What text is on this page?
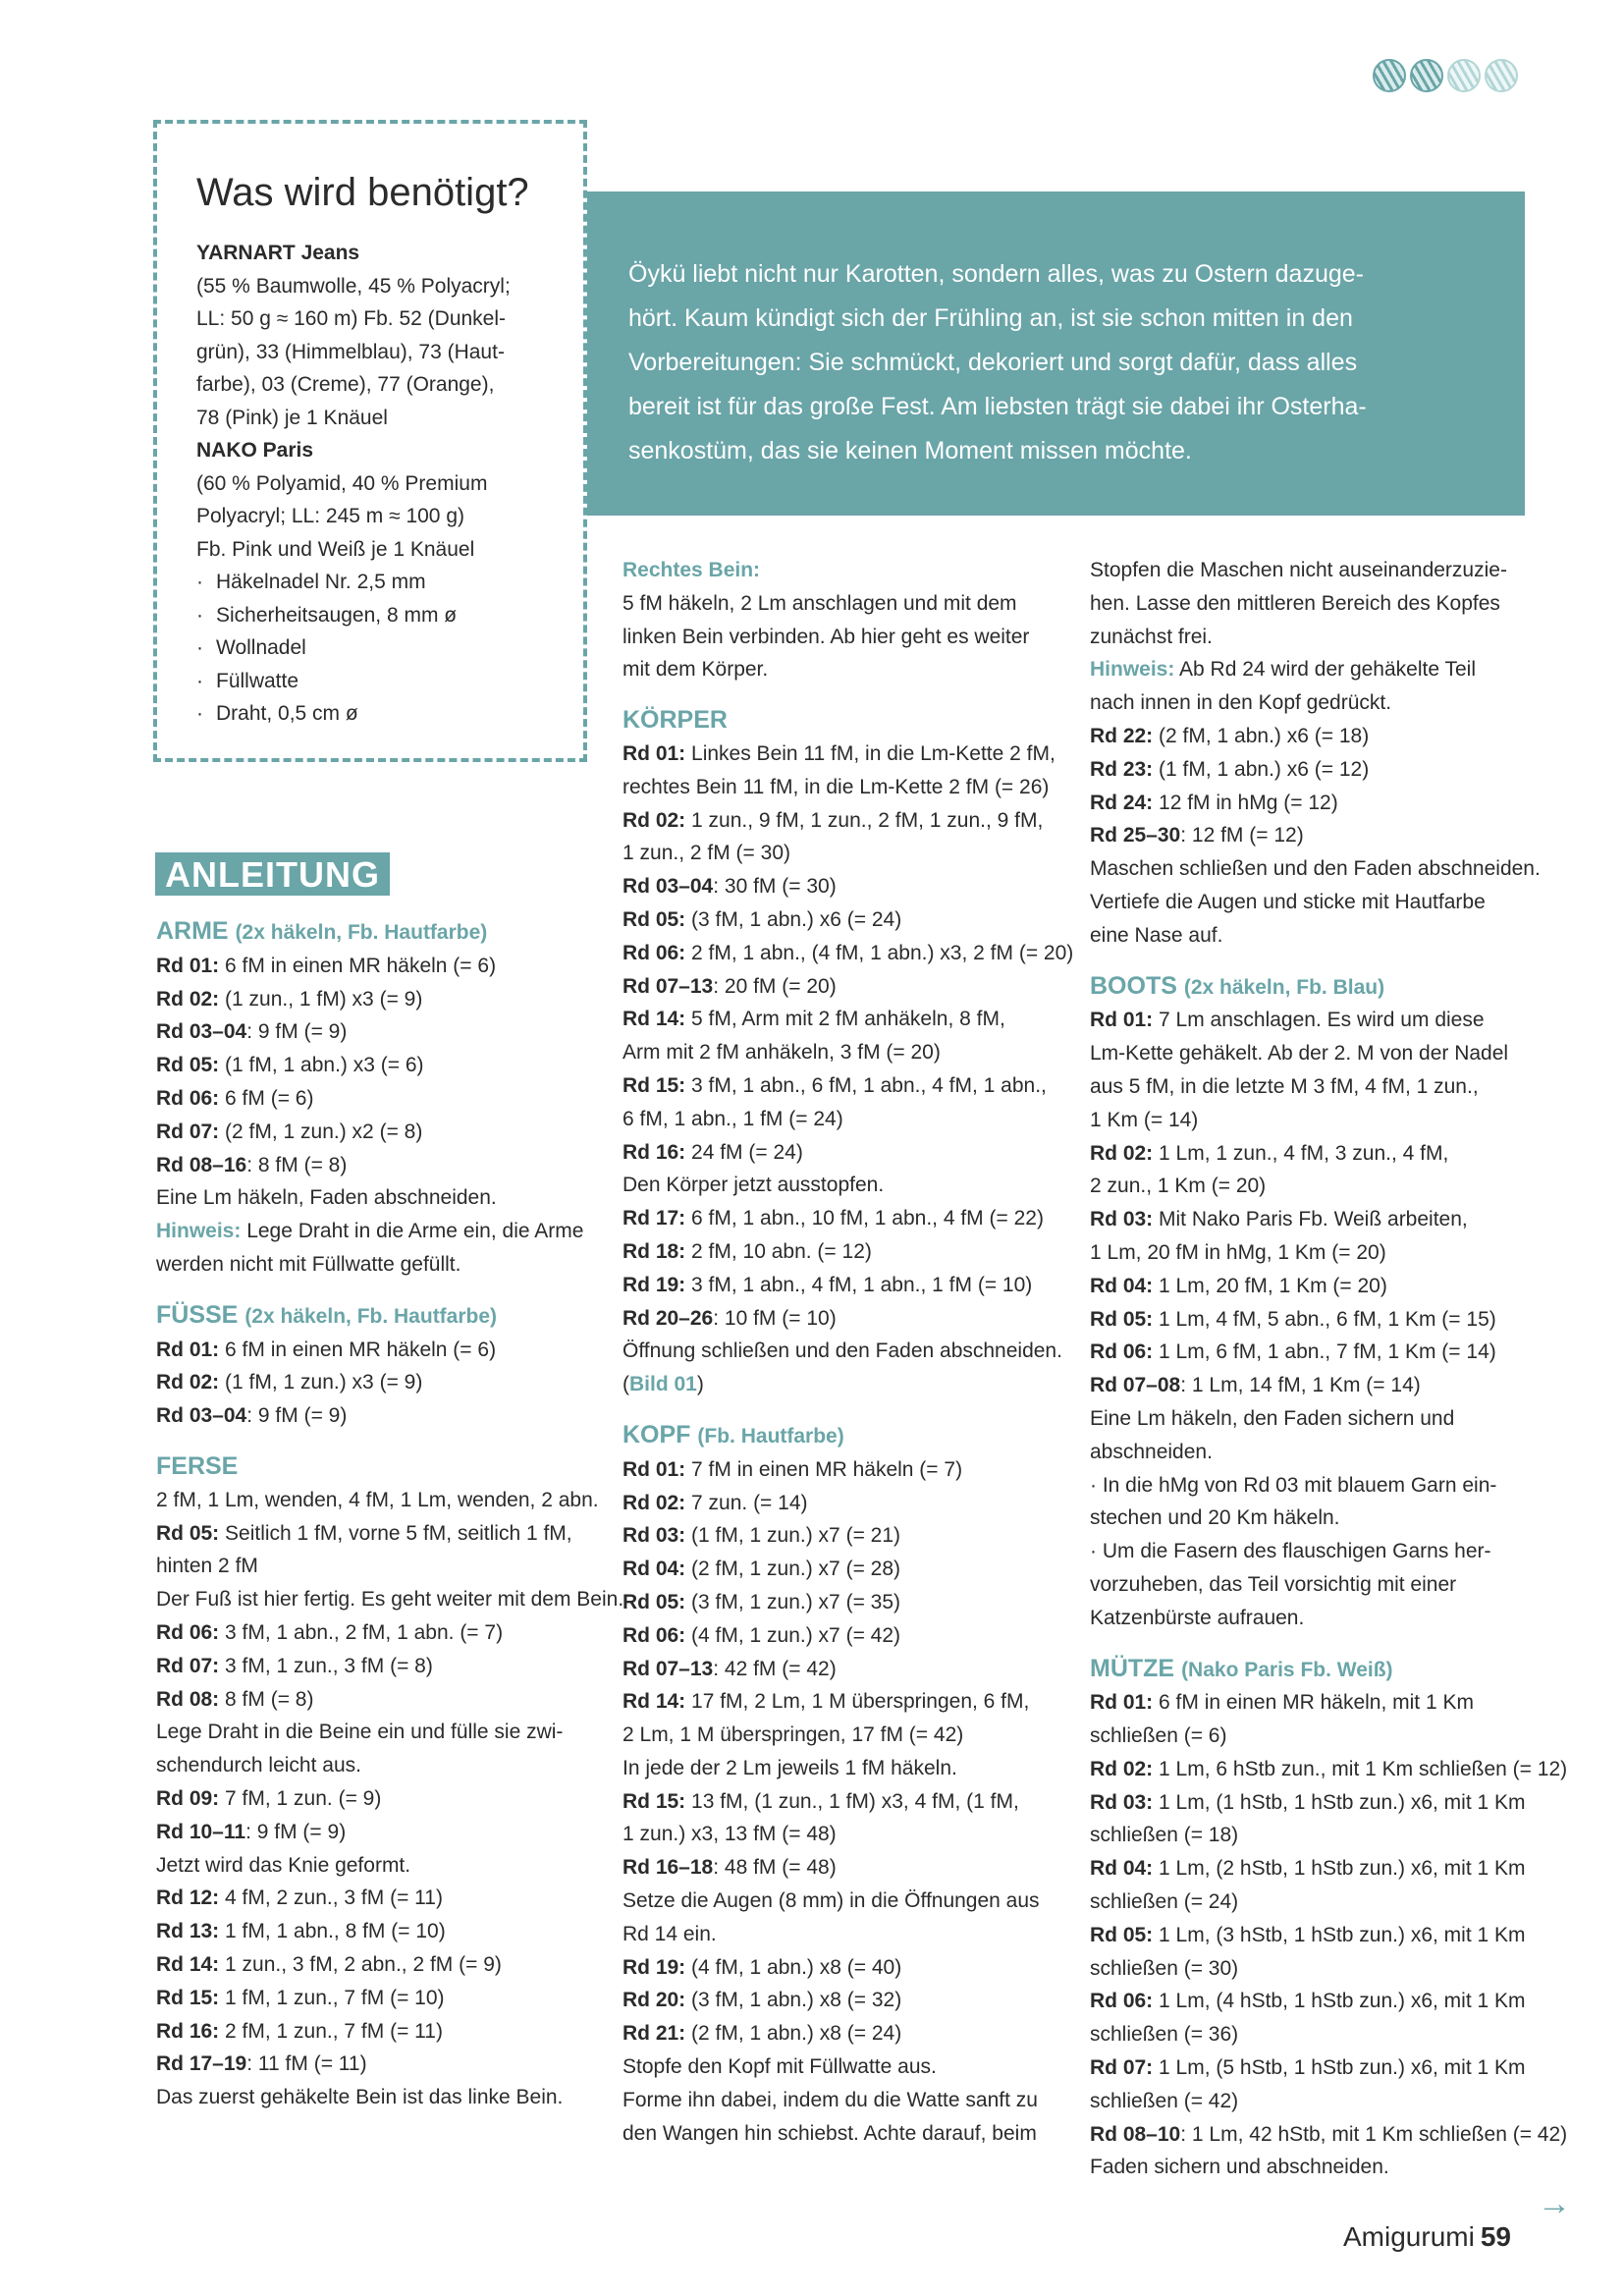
Was wird benötigt?

YARNART Jeans

(55 % Baumwolle, 45 % Polyacryl;

LL: 50 g ≈ 160 m) Fb. 52 (Dunkel-

grün), 33 (Himmelblau), 73 (Haut-

farbe), 03 (Creme), 77 (Orange),

78 (Pink) je 1 Knäuel

NAKO Paris

(60 % Polyamid, 40 % Premium

Polyacryl; LL: 245 m ≈ 100 g)

Fb. Pink und Weiß je 1 Knäuel

· Häkelnadel Nr. 2,5 mm
· Sicherheitsaugen, 8 mm ø
· Wollnadel
· Füllwatte
· Draht, 0,5 cm ø

Öykü liebt nicht nur Karotten, sondern alles, was zu Ostern dazuge-

hört. Kaum kündigt sich der Frühling an, ist sie schon mitten in den

Vorbereitungen: Sie schmückt, dekoriert und sorgt dafür, dass alles

bereit ist für das große Fest. Am liebsten trägt sie dabei ihr Osterha-

senkostüm, das sie keinen Moment missen möchte.

ANLEITUNG
ARME (2x häkeln, Fb. Hautfarbe)
Rd 01: 6 fM in einen MR häkeln (= 6)
Rd 02: (1 zun., 1 fM) x3 (= 9)
Rd 03–04: 9 fM (= 9)
Rd 05: (1 fM, 1 abn.) x3 (= 6)
Rd 06: 6 fM (= 6)
Rd 07: (2 fM, 1 zun.) x2 (= 8)
Rd 08–16: 8 fM (= 8)
Eine Lm häkeln, Faden abschneiden.
Hinweis: Lege Draht in die Arme ein, die Arme
werden nicht mit Füllwatte gefüllt.
FÜSSE (2x häkeln, Fb. Hautfarbe)
Rd 01: 6 fM in einen MR häkeln (= 6)
Rd 02: (1 fM, 1 zun.) x3 (= 9)
Rd 03–04: 9 fM (= 9)
FERSE
2 fM, 1 Lm, wenden, 4 fM, 1 Lm, wenden, 2 abn.
Rd 05: Seitlich 1 fM, vorne 5 fM, seitlich 1 fM,
hinten 2 fM
Der Fuß ist hier fertig. Es geht weiter mit dem Bein.
Rd 06: 3 fM, 1 abn., 2 fM, 1 abn. (= 7)
Rd 07: 3 fM, 1 zun., 3 fM (= 8)
Rd 08: 8 fM (= 8)
Lege Draht in die Beine ein und fülle sie zwi-
schendurch leicht aus.
Rd 09: 7 fM, 1 zun. (= 9)
Rd 10–11: 9 fM (= 9)
Jetzt wird das Knie geformt.
Rd 12: 4 fM, 2 zun., 3 fM (= 11)
Rd 13: 1 fM, 1 abn., 8 fM (= 10)
Rd 14: 1 zun., 3 fM, 2 abn., 2 fM (= 9)
Rd 15: 1 fM, 1 zun., 7 fM (= 10)
Rd 16: 2 fM, 1 zun., 7 fM (= 11)
Rd 17–19: 11 fM (= 11)
Das zuerst gehäkelte Bein ist das linke Bein.
Rechtes Bein:
5 fM häkeln, 2 Lm anschlagen und mit dem
linken Bein verbinden. Ab hier geht es weiter
mit dem Körper.
KÖRPER
Rd 01: Linkes Bein 11 fM, in die Lm-Kette 2 fM,
rechtes Bein 11 fM, in die Lm-Kette 2 fM (= 26)
Rd 02: 1 zun., 9 fM, 1 zun., 2 fM, 1 zun., 9 fM,
1 zun., 2 fM (= 30)
Rd 03–04: 30 fM (= 30)
Rd 05: (3 fM, 1 abn.) x6 (= 24)
Rd 06: 2 fM, 1 abn., (4 fM, 1 abn.) x3, 2 fM (= 20)
Rd 07–13: 20 fM (= 20)
Rd 14: 5 fM, Arm mit 2 fM anhäkeln, 8 fM,
Arm mit 2 fM anhäkeln, 3 fM (= 20)
Rd 15: 3 fM, 1 abn., 6 fM, 1 abn., 4 fM, 1 abn.,
6 fM, 1 abn., 1 fM (= 24)
Rd 16: 24 fM (= 24)
Den Körper jetzt ausstopfen.
Rd 17: 6 fM, 1 abn., 10 fM, 1 abn., 4 fM (= 22)
Rd 18: 2 fM, 10 abn. (= 12)
Rd 19: 3 fM, 1 abn., 4 fM, 1 abn., 1 fM (= 10)
Rd 20–26: 10 fM (= 10)
Öffnung schließen und den Faden abschneiden.
(Bild 01)
KOPF (Fb. Hautfarbe)
Rd 01: 7 fM in einen MR häkeln (= 7)
Rd 02: 7 zun. (= 14)
Rd 03: (1 fM, 1 zun.) x7 (= 21)
Rd 04: (2 fM, 1 zun.) x7 (= 28)
Rd 05: (3 fM, 1 zun.) x7 (= 35)
Rd 06: (4 fM, 1 zun.) x7 (= 42)
Rd 07–13: 42 fM (= 42)
Rd 14: 17 fM, 2 Lm, 1 M überspringen, 6 fM,
2 Lm, 1 M überspringen, 17 fM (= 42)
In jede der 2 Lm jeweils 1 fM häkeln.
Rd 15: 13 fM, (1 zun., 1 fM) x3, 4 fM, (1 fM,
1 zun.) x3, 13 fM (= 48)
Rd 16–18: 48 fM (= 48)
Setze die Augen (8 mm) in die Öffnungen aus
Rd 14 ein.
Rd 19: (4 fM, 1 abn.) x8 (= 40)
Rd 20: (3 fM, 1 abn.) x8 (= 32)
Rd 21: (2 fM, 1 abn.) x8 (= 24)
Stopfe den Kopf mit Füllwatte aus.
Forme ihn dabei, indem du die Watte sanft zu
den Wangen hin schiebst. Achte darauf, beim
Stopfen die Maschen nicht auseinanderzuzie-
hen. Lasse den mittleren Bereich des Kopfes
zunächst frei.
Hinweis: Ab Rd 24 wird der gehäkelte Teil
nach innen in den Kopf gedrückt.
Rd 22: (2 fM, 1 abn.) x6 (= 18)
Rd 23: (1 fM, 1 abn.) x6 (= 12)
Rd 24: 12 fM in hMg (= 12)
Rd 25–30: 12 fM (= 12)
Maschen schließen und den Faden abschneiden.
Vertiefe die Augen und sticke mit Hautfarbe
eine Nase auf.
BOOTS (2x häkeln, Fb. Blau)
Rd 01: 7 Lm anschlagen. Es wird um diese
Lm-Kette gehäkelt. Ab der 2. M von der Nadel
aus 5 fM, in die letzte M 3 fM, 4 fM, 1 zun.,
1 Km (= 14)
Rd 02: 1 Lm, 1 zun., 4 fM, 3 zun., 4 fM,
2 zun., 1 Km (= 20)
Rd 03: Mit Nako Paris Fb. Weiß arbeiten,
1 Lm, 20 fM in hMg, 1 Km (= 20)
Rd 04: 1 Lm, 20 fM, 1 Km (= 20)
Rd 05: 1 Lm, 4 fM, 5 abn., 6 fM, 1 Km (= 15)
Rd 06: 1 Lm, 6 fM, 1 abn., 7 fM, 1 Km (= 14)
Rd 07–08: 1 Lm, 14 fM, 1 Km (= 14)
Eine Lm häkeln, den Faden sichern und
abschneiden.
· In die hMg von Rd 03 mit blauem Garn ein-
stechen und 20 Km häkeln.
· Um die Fasern des flauschigen Garns her-
vorzuheben, das Teil vorsichtig mit einer
Katzenbürste aufrauen.
MÜTZE (Nako Paris Fb. Weiß)
Rd 01: 6 fM in einen MR häkeln, mit 1 Km
schließen (= 6)
Rd 02: 1 Lm, 6 hStb zun., mit 1 Km schließen (= 12)
Rd 03: 1 Lm, (1 hStb, 1 hStb zun.) x6, mit 1 Km
schließen (= 18)
Rd 04: 1 Lm, (2 hStb, 1 hStb zun.) x6, mit 1 Km
schließen (= 24)
Rd 05: 1 Lm, (3 hStb, 1 hStb zun.) x6, mit 1 Km
schließen (= 30)
Rd 06: 1 Lm, (4 hStb, 1 hStb zun.) x6, mit 1 Km
schließen (= 36)
Rd 07: 1 Lm, (5 hStb, 1 hStb zun.) x6, mit 1 Km
schließen (= 42)
Rd 08–10: 1 Lm, 42 hStb, mit 1 Km schließen (= 42)
Faden sichern und abschneiden.
→
Amigurumi 59
